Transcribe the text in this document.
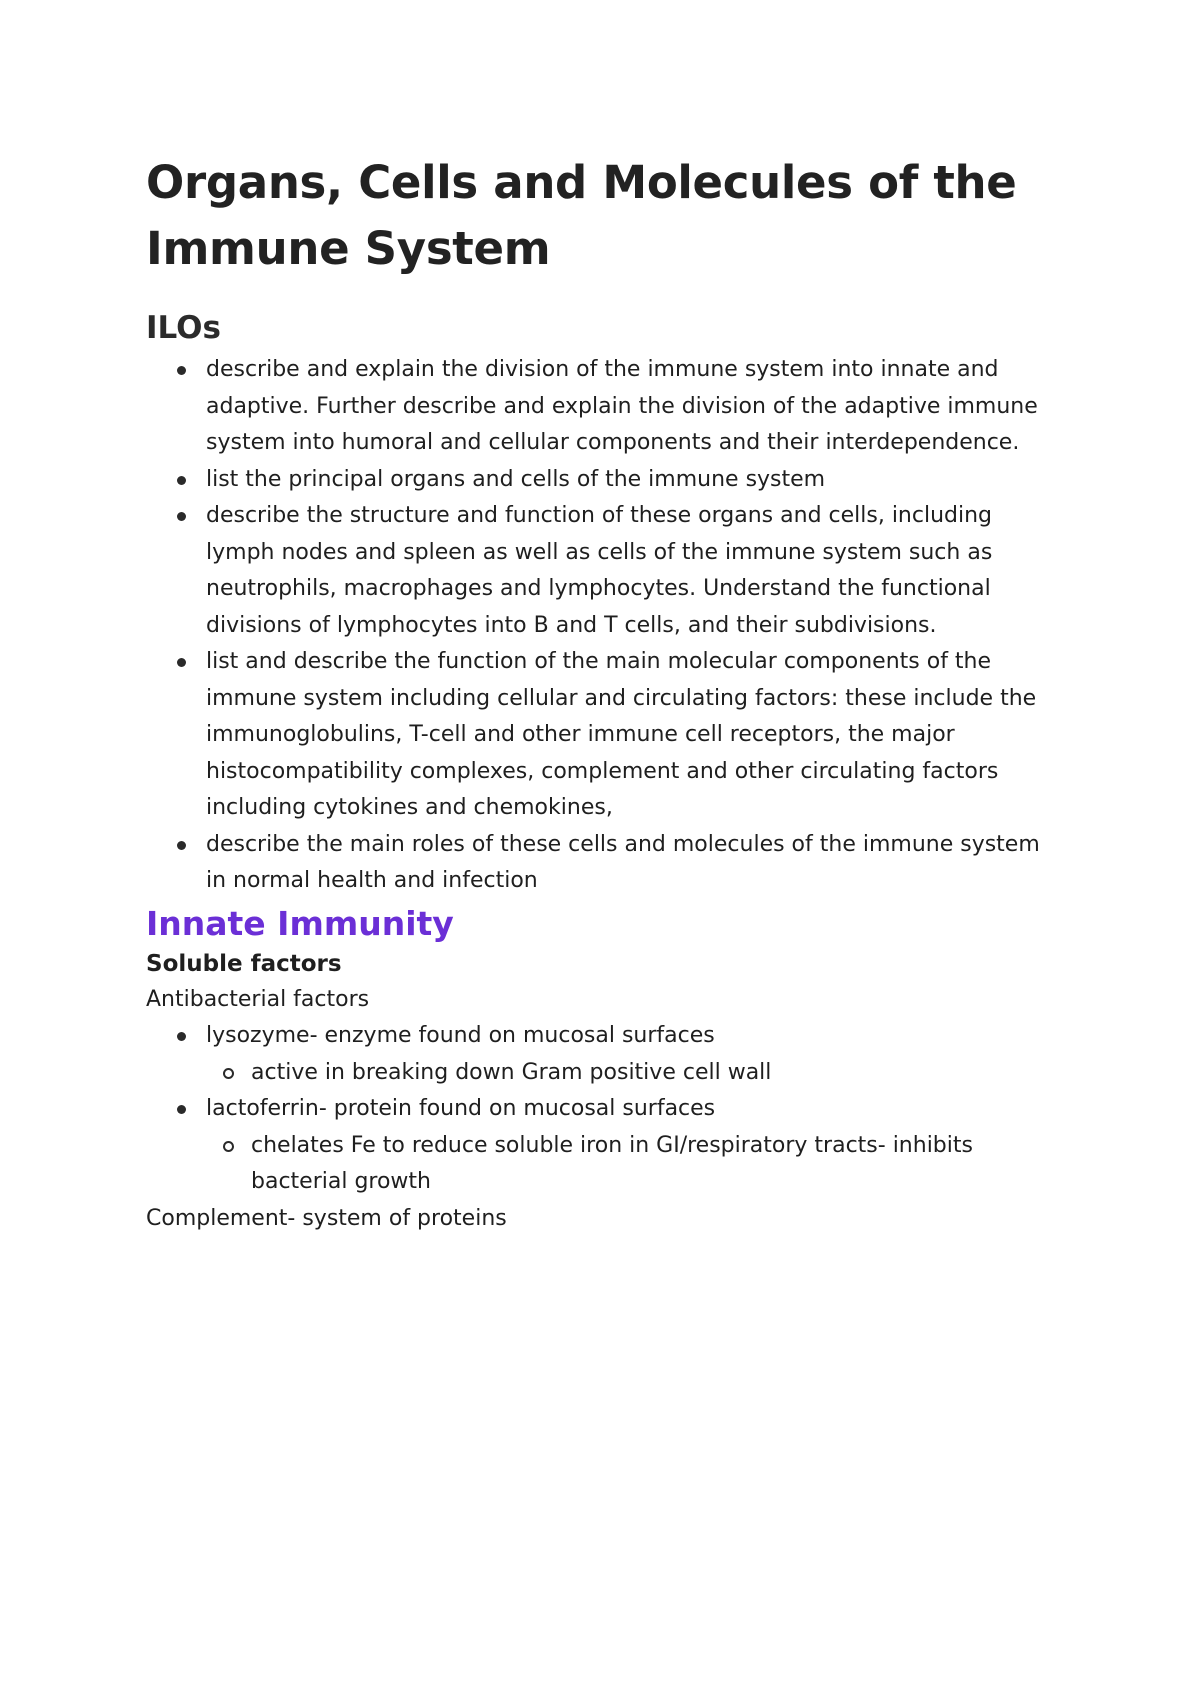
Organs, Cells and Molecules of the Immune System
ILOs
describe and explain the division of the immune system into innate and adaptive. Further describe and explain the division of the adaptive immune system into humoral and cellular components and their interdependence.
list the principal organs and cells of the immune system
describe the structure and function of these organs and cells, including lymph nodes and spleen as well as cells of the immune system such as neutrophils, macrophages and lymphocytes. Understand the functional divisions of lymphocytes into B and T cells, and their subdivisions.
list and describe the function of the main molecular components of the immune system including cellular and circulating factors: these include the immunoglobulins, T-cell and other immune cell receptors, the major histocompatibility complexes, complement and other circulating factors including cytokines and chemokines,
describe the main roles of these cells and molecules of the immune system in normal health and infection
Innate Immunity
Soluble factors

Antibacterial factors

lysozyme- enzyme found on mucosal surfaces
active in breaking down Gram positive cell wall
lactoferrin- protein found on mucosal surfaces
chelates Fe to reduce soluble iron in GI/respiratory tracts- inhibits bacterial growth

Complement- system of proteins
